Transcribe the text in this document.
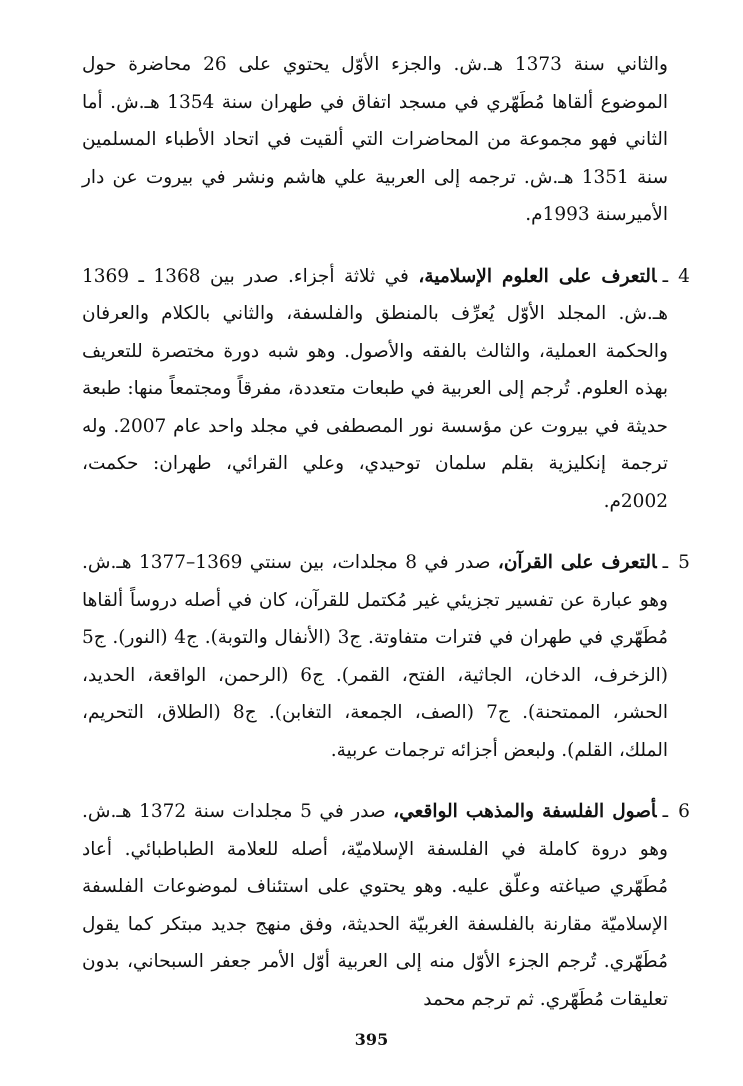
والثاني سنة 1373 هـ.ش. والجزء الأوّل يحتوي على 26 محاضرة حول الموضوع ألقاها مُطَهّري في مسجد اتفاق في طهران سنة 1354 هـ.ش. أما الثاني فهو مجموعة من المحاضرات التي ألقيت في اتحاد الأطباء المسلمين سنة 1351 هـ.ش. ترجمه إلى العربية علي هاشم ونشر في بيروت عن دار الأميرسنة 1993م.

4

ـالتعرف على العلوم الإسلامية، في ثلاثة أجزاء. صدر بين 1368 ـ 1369 هـ.ش. المجلد الأوّل يُعرِّف بالمنطق والفلسفة، والثاني بالكلام والعرفان والحكمة العملية، والثالث بالفقه والأصول. وهو شبه دورة مختصرة للتعريف بهذه العلوم. تُرجم إلى العربية في طبعات متعددة، مفرقاً ومجتمعاً منها: طبعة حديثة في بيروت عن مؤسسة نور المصطفى في مجلد واحد عام 2007. وله ترجمة إنكليزية بقلم سلمان توحيدي، وعلي القرائي، طهران: حكمت، 2002م.

5

ـالتعرف على القرآن، صدر في 8 مجلدات، بين سنتي 1369–1377 هـ.ش. وهو عبارة عن تفسير تجزيئي غير مُكتمل للقرآن، كان في أصله دروساً ألقاها مُطَهّري في طهران في فترات متفاوتة. ج3 (الأنفال والتوبة). ج4 (النور). ج5 (الزخرف، الدخان، الجاثية، الفتح، القمر). ج6 (الرحمن، الواقعة، الحديد، الحشر، الممتحنة). ج7 (الصف، الجمعة، التغابن). ج8 (الطلاق، التحريم، الملك، القلم). ولبعض أجزائه ترجمات عربية.

6

ـأصول الفلسفة والمذهب الواقعي، صدر في 5 مجلدات سنة 1372 هـ.ش. وهو دروة كاملة في الفلسفة الإسلاميّة، أصله للعلامة الطباطبائي. أعاد مُطَهّري صياغته وعلّق عليه. وهو يحتوي على استئناف لموضوعات الفلسفة الإسلاميّة مقارنة بالفلسفة الغربيّة الحديثة، وفق منهج جديد مبتكر كما يقول مُطَهّري. تُرجم الجزء الأوّل منه إلى العربية أوّل الأمر جعفر السبحاني، بدون تعليقات مُطَهّري. ثم ترجم محمد

395
